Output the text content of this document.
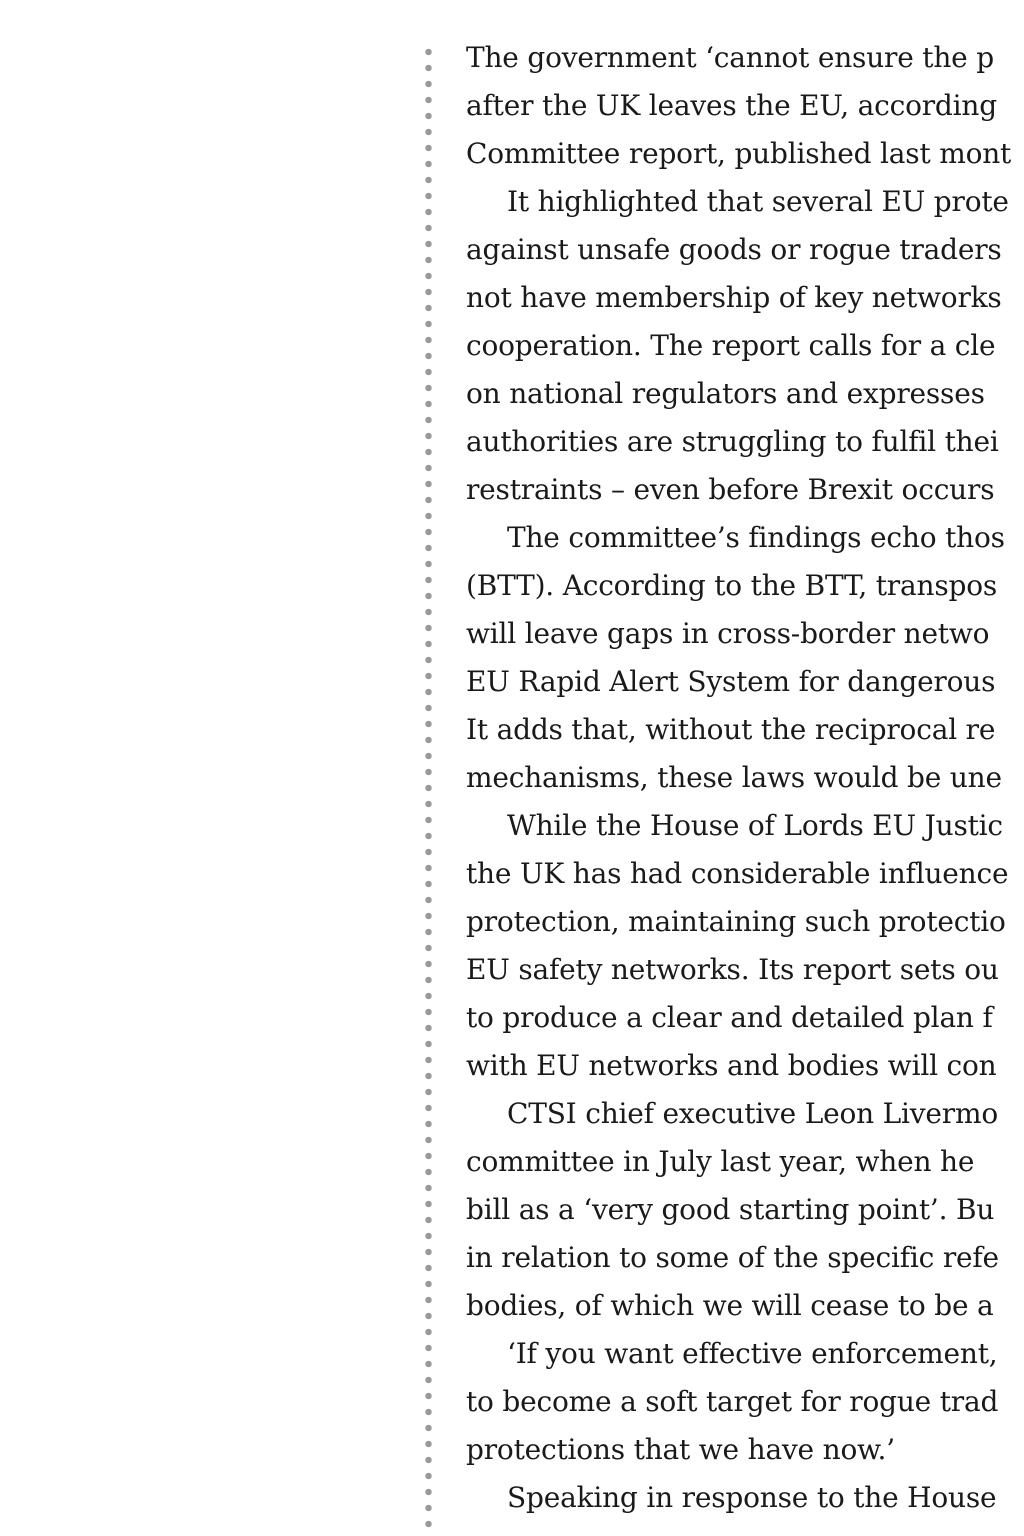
The government ‘cannot ensure the p
after the UK leaves the EU, according
Committee report, published last mont
It highlighted that several EU prote
against unsafe goods or rogue traders
not have membership of key networks
cooperation. The report calls for a cle
on national regulators and expresses
authorities are struggling to fulfil thei
restraints – even before Brexit occurs
The committee’s findings echo thos
(BTT). According to the BTT, transpos
will leave gaps in cross-border netwo
EU Rapid Alert System for dangerous
It adds that, without the reciprocal re
mechanisms, these laws would be une
While the House of Lords EU Justic
the UK has had considerable influence
protection, maintaining such protectio
EU safety networks. Its report sets ou
to produce a clear and detailed plan f
with EU networks and bodies will con
CTSI chief executive Leon Livermo
committee in July last year, when he
bill as a ‘very good starting point’. Bu
in relation to some of the specific refe
bodies, of which we will cease to be a
‘If you want effective enforcement,
to become a soft target for rogue trad
protections that we have now.’
Speaking in response to the House
